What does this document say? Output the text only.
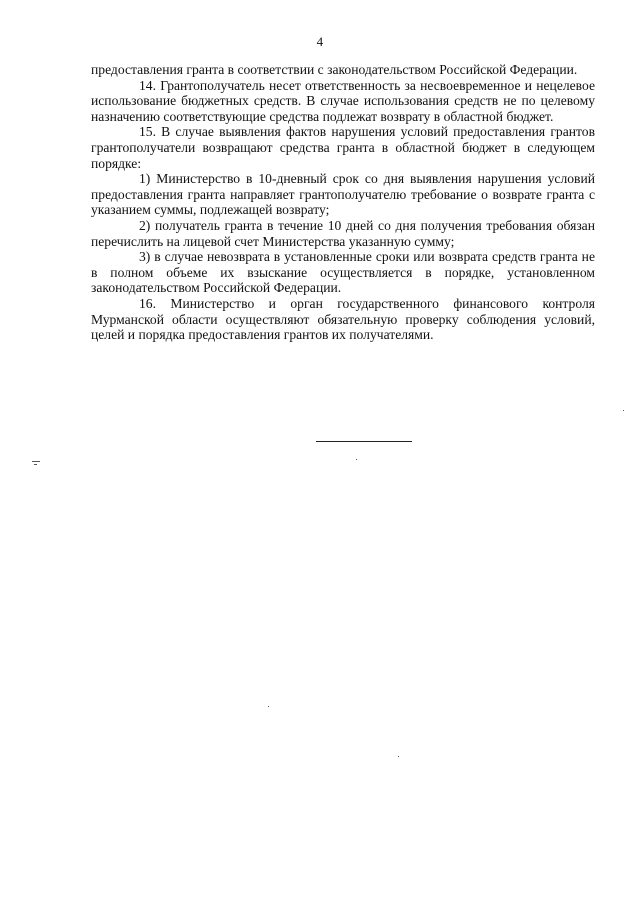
4

предоставления гранта в соответствии с законодательством Российской Федерации.

14. Грантополучатель несет ответственность за несвоевременное и нецелевое использование бюджетных средств. В случае использования средств не по целевому назначению соответствующие средства подлежат возврату в областной бюджет.

15. В случае выявления фактов нарушения условий предоставления грантов грантополучатели возвращают средства гранта в областной бюджет в следующем порядке:

1) Министерство в 10-дневный срок со дня выявления нарушения условий предоставления гранта направляет грантополучателю требование о возврате гранта с указанием суммы, подлежащей возврату;

2) получатель гранта в течение 10 дней со дня получения требования обязан перечислить на лицевой счет Министерства указанную сумму;

3) в случае невозврата в установленные сроки или возврата средств гранта не в полном объеме их взыскание осуществляется в порядке, установленном законодательством Российской Федерации.

16. Министерство и орган государственного финансового контроля Мурманской области осуществляют обязательную проверку соблюдения условий, целей и порядка предоставления грантов их получателями.
